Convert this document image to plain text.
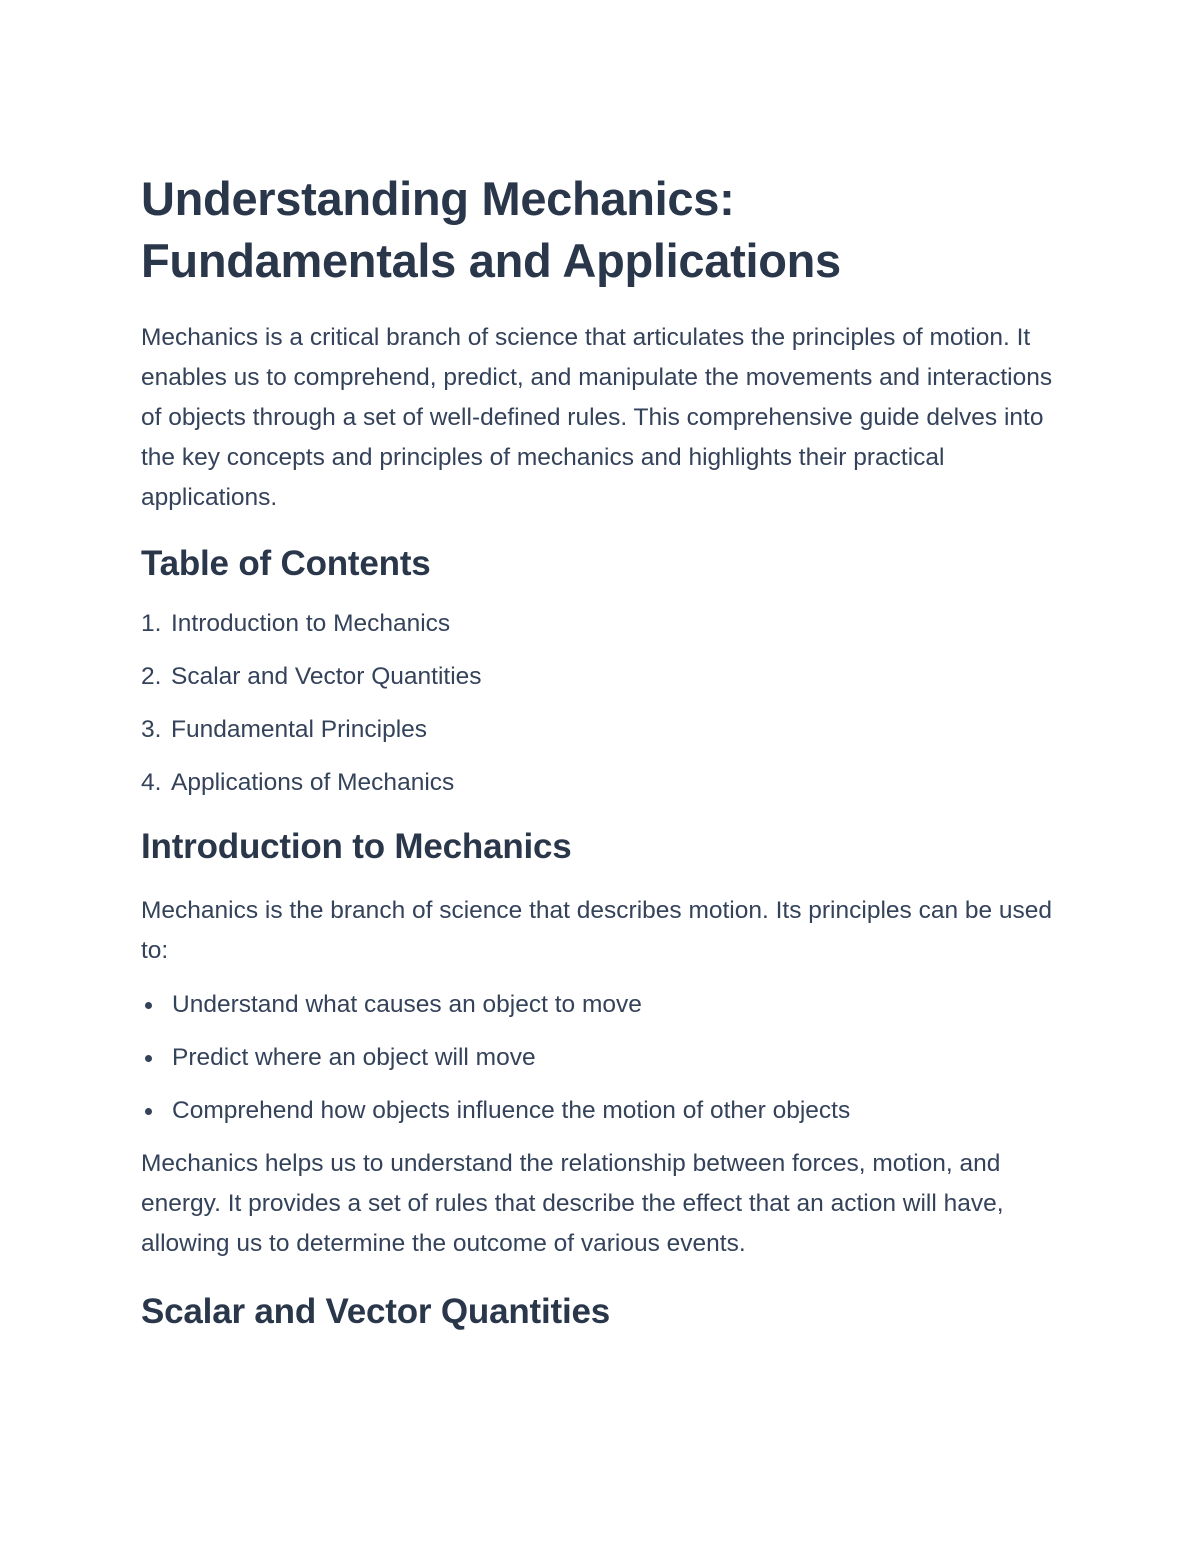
Understanding Mechanics:
Fundamentals and Applications

Mechanics is a critical branch of science that articulates the principles of motion. It enables us to comprehend, predict, and manipulate the movements and interactions of objects through a set of well-defined rules. This comprehensive guide delves into the key concepts and principles of mechanics and highlights their practical applications.

Table of Contents
1. Introduction to Mechanics
2. Scalar and Vector Quantities
3. Fundamental Principles
4. Applications of Mechanics
Introduction to Mechanics

Mechanics is the branch of science that describes motion. Its principles can be used to:

Understand what causes an object to move
Predict where an object will move
Comprehend how objects influence the motion of other objects

Mechanics helps us to understand the relationship between forces, motion, and energy. It provides a set of rules that describe the effect that an action will have, allowing us to determine the outcome of various events.

Scalar and Vector Quantities
